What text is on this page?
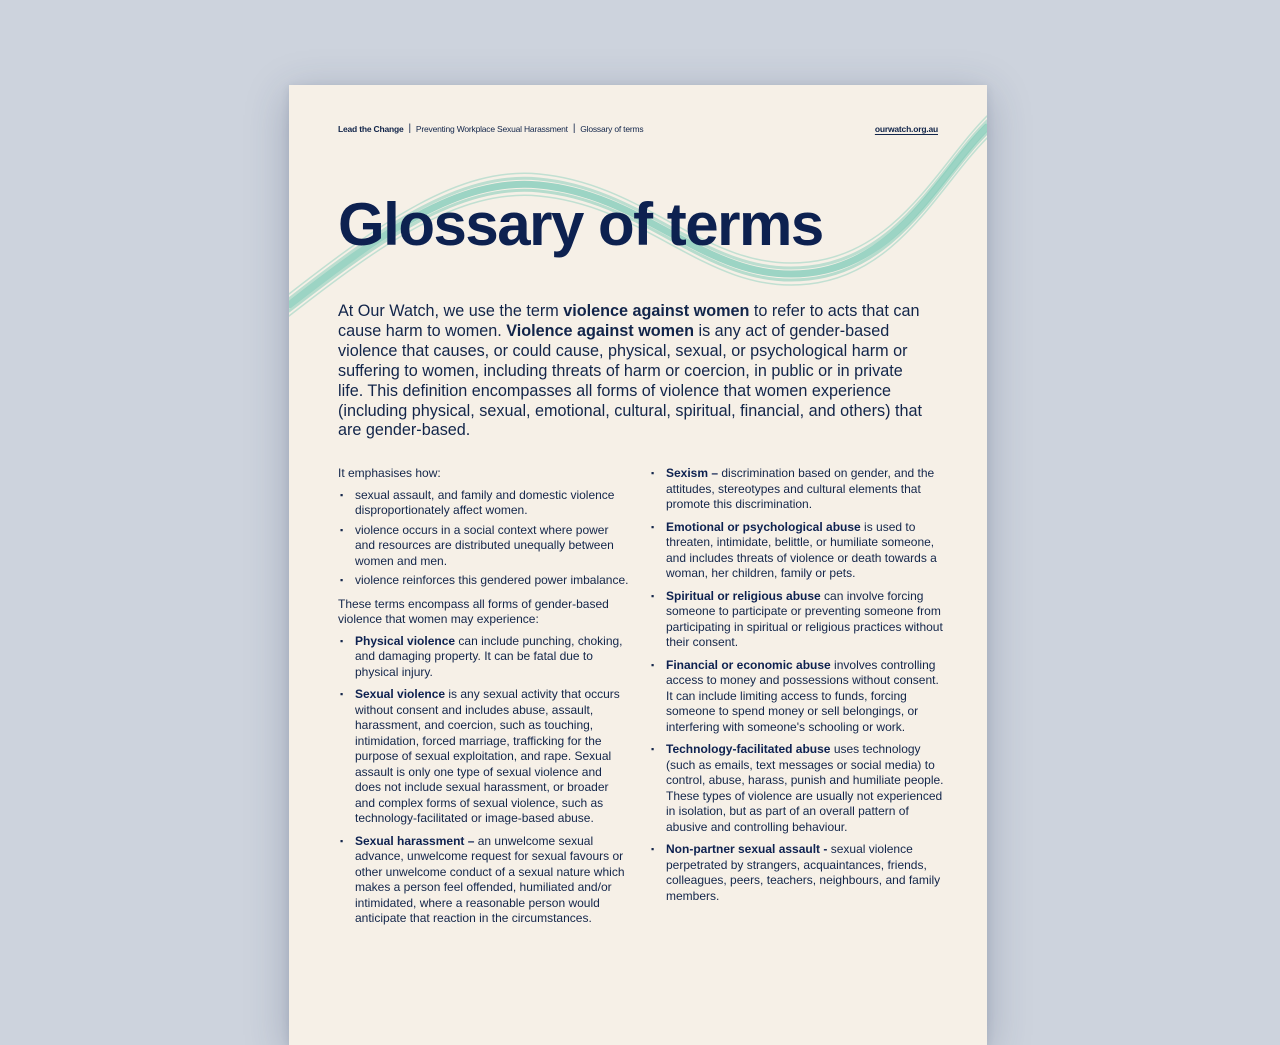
Lead the Change | Preventing Workplace Sexual Harassment | Glossary of terms	ourwatch.org.au
Glossary of terms

At Our Watch, we use the term violence against women to refer to acts that can cause harm to women. Violence against women is any act of gender-based violence that causes, or could cause, physical, sexual, or psychological harm or suffering to women, including threats of harm or coercion, in public or in private life. This definition encompasses all forms of violence that women experience (including physical, sexual, emotional, cultural, spiritual, financial, and others) that are gender-based.

It emphasises how:

▪ sexual assault, and family and domestic violence disproportionately affect women.
▪ violence occurs in a social context where power and resources are distributed unequally between women and men.
▪ violence reinforces this gendered power imbalance.

These terms encompass all forms of gender-based violence that women may experience:

▪ Physical violence can include punching, choking, and damaging property. It can be fatal due to physical injury.
▪ Sexual violence is any sexual activity that occurs without consent and includes abuse, assault, harassment, and coercion, such as touching, intimidation, forced marriage, trafficking for the purpose of sexual exploitation, and rape. Sexual assault is only one type of sexual violence and does not include sexual harassment, or broader and complex forms of sexual violence, such as technology-facilitated or image-based abuse.
▪ Sexual harassment – an unwelcome sexual advance, unwelcome request for sexual favours or other unwelcome conduct of a sexual nature which makes a person feel offended, humiliated and/or intimidated, where a reasonable person would anticipate that reaction in the circumstances.
▪ Sexism – discrimination based on gender, and the attitudes, stereotypes and cultural elements that promote this discrimination.
▪ Emotional or psychological abuse is used to threaten, intimidate, belittle, or humiliate someone, and includes threats of violence or death towards a woman, her children, family or pets.
▪ Spiritual or religious abuse can involve forcing someone to participate or preventing someone from participating in spiritual or religious practices without their consent.
▪ Financial or economic abuse involves controlling access to money and possessions without consent. It can include limiting access to funds, forcing someone to spend money or sell belongings, or interfering with someone's schooling or work.
▪ Technology-facilitated abuse uses technology (such as emails, text messages or social media) to control, abuse, harass, punish and humiliate people. These types of violence are usually not experienced in isolation, but as part of an overall pattern of abusive and controlling behaviour.
▪ Non-partner sexual assault - sexual violence perpetrated by strangers, acquaintances, friends, colleagues, peers, teachers, neighbours, and family members.
